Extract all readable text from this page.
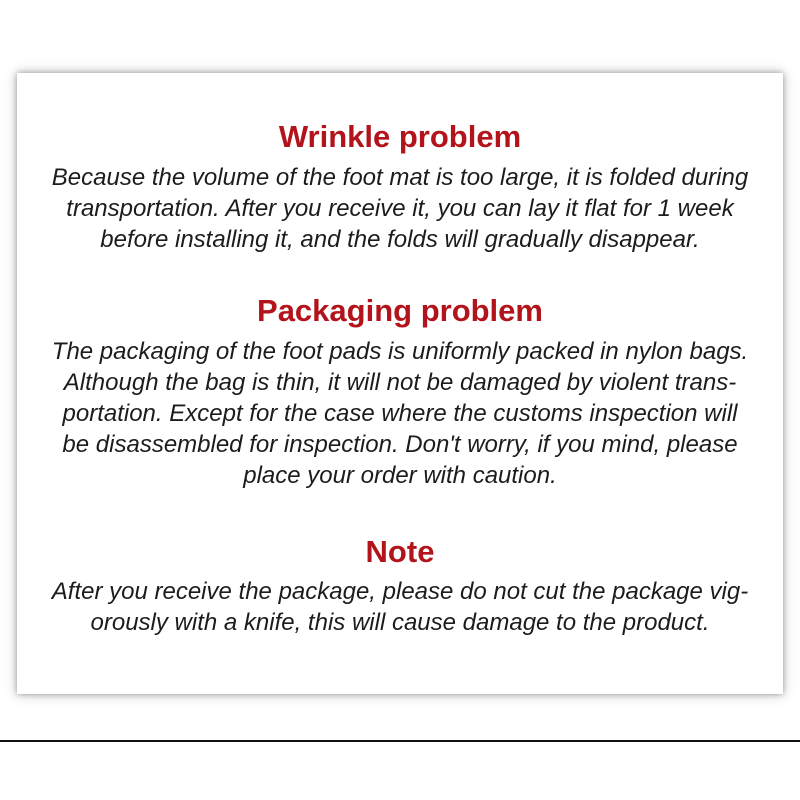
Wrinkle problem
Because the volume of the foot mat is too large, it is folded during
transportation. After you receive it, you can lay it flat for 1 week
before installing it, and the folds will gradually disappear.
Packaging problem
The packaging of the foot pads is uniformly packed in nylon bags.
Although the bag is thin, it will not be damaged by violent trans-
portation. Except for the case where the customs inspection will
be disassembled for inspection. Don't worry, if you mind, please
place your order with caution.
Note
After you receive the package, please do not cut the package vig-
orously with a knife, this will cause damage to the product.
